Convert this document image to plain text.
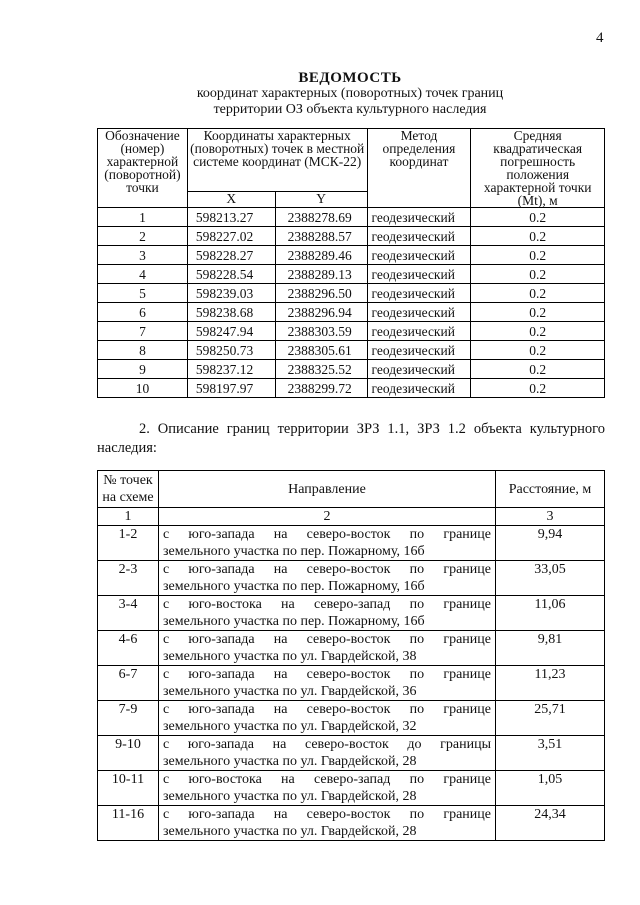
4
ВЕДОМОСТЬ
координат характерных (поворотных) точек границ
территории ОЗ объекта культурного наследия
Обозначение (номер) характерной (поворотной) точки	Координаты характерных (поворотных) точек в местной системе координат (МСК-22)		Метод определения координат	Средняя квадратическая погрешность положения характерной точки (Mt), м
	X	Y		
1	598213.27	2388278.69	геодезический	0.2
2	598227.02	2388288.57	геодезический	0.2
3	598228.27	2388289.46	геодезический	0.2
4	598228.54	2388289.13	геодезический	0.2
5	598239.03	2388296.50	геодезический	0.2
6	598238.68	2388296.94	геодезический	0.2
7	598247.94	2388303.59	геодезический	0.2
8	598250.73	2388305.61	геодезический	0.2
9	598237.12	2388325.52	геодезический	0.2
10	598197.97	2388299.72	геодезический	0.2
2. Описание границ территории ЗРЗ 1.1, ЗРЗ 1.2 объекта культурного наследия:
№ точек на схеме	Направление	Расстояние, м
1	2	3
1-2	с юго-запада на северо-восток по границе
земельного участка по пер. Пожарному, 16б	9,94
2-3	с юго-запада на северо-восток по границе
земельного участка по пер. Пожарному, 16б	33,05
3-4	с юго-востока на северо-запад по границе
земельного участка по пер. Пожарному, 16б	11,06
4-6	с юго-запада на северо-восток по границе
земельного участка по ул. Гвардейской, 38	9,81
6-7	с юго-запада на северо-восток по границе
земельного участка по ул. Гвардейской, 36	11,23
7-9	с юго-запада на северо-восток по границе
земельного участка по ул. Гвардейской, 32	25,71
9-10	с юго-запада на северо-восток до границы
земельного участка по ул. Гвардейской, 28	3,51
10-11	с юго-востока на северо-запад по границе
земельного участка по ул. Гвардейской, 28	1,05
11-16	с юго-запада на северо-восток по границе
земельного участка по ул. Гвардейской, 28	24,34
